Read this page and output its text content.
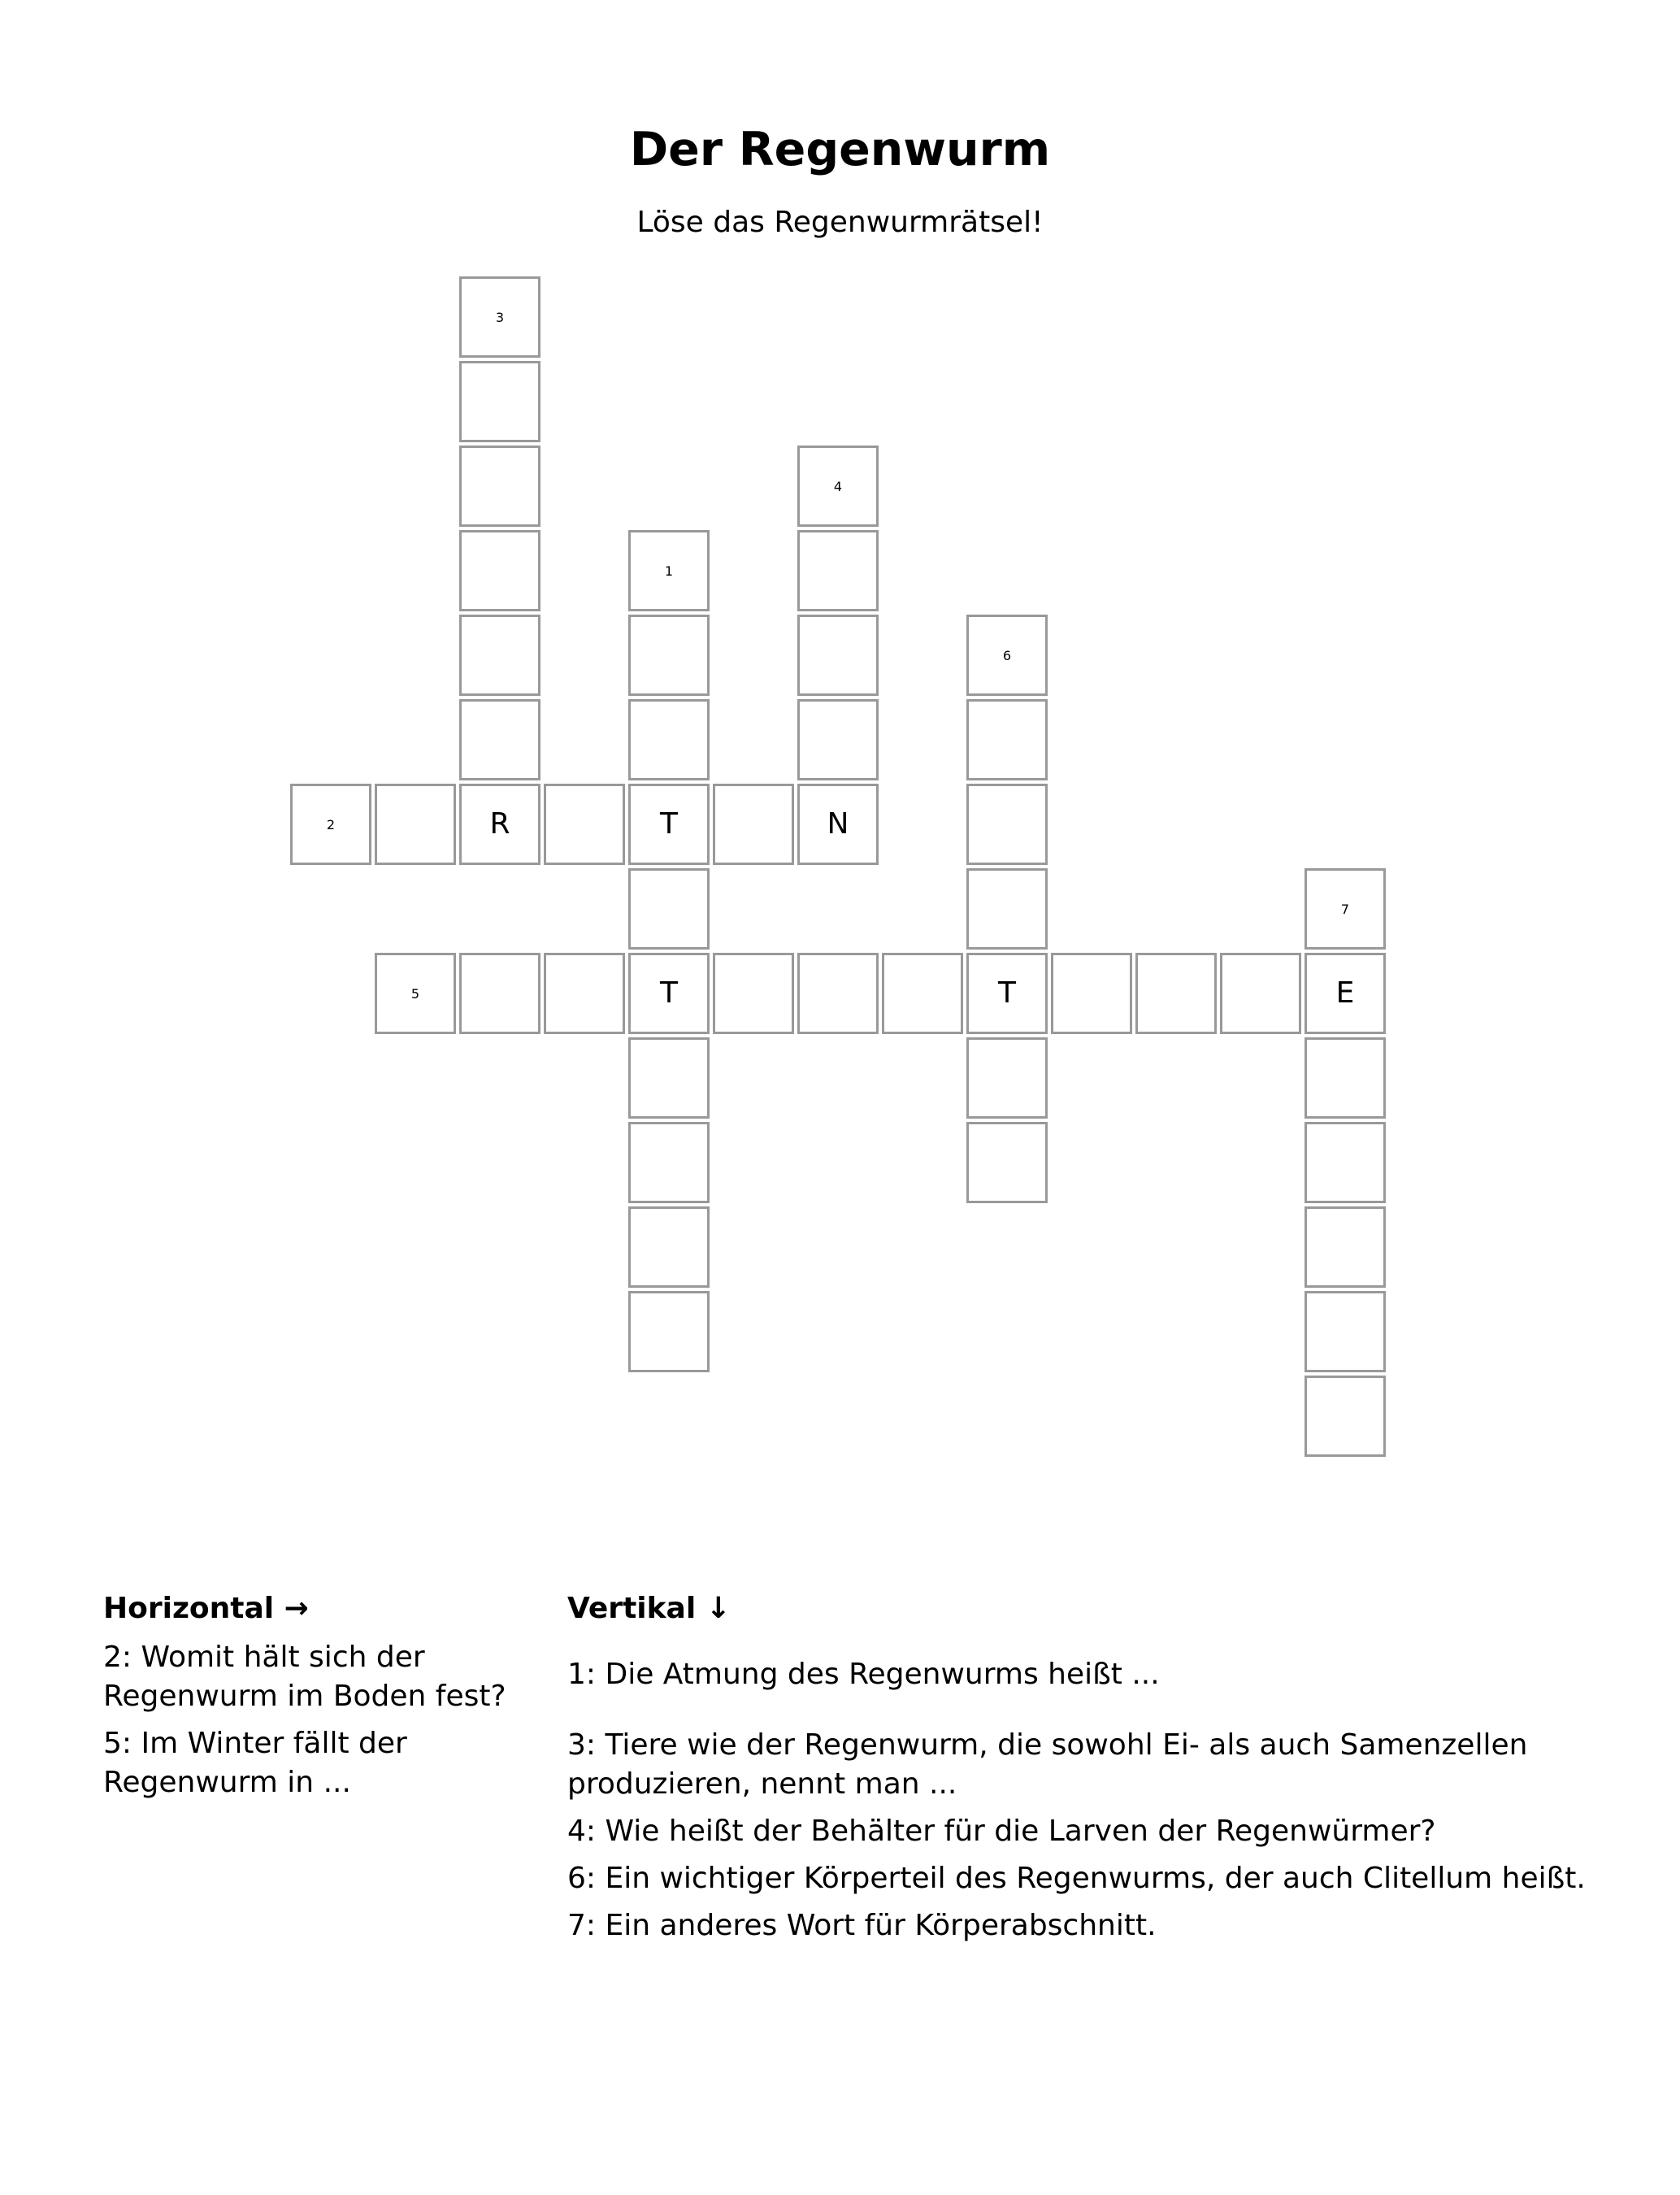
Der Regenwurm
Löse das Regenwurmrätsel!
3
R
4
N
1
T
T
6
T
2
7
E
5
Horizontal →	Vertikal ↓

2: Womit hält sich der Regenwurm im Boden fest?

5: Im Winter fällt der Regenwurm in ...

1: Die Atmung des Regenwurms heißt ...

3: Tiere wie der Regenwurm, die sowohl Ei- als auch Samenzellen produzieren, nennt man ...

4: Wie heißt der Behälter für die Larven der Regenwürmer?

6: Ein wichtiger Körperteil des Regenwurms, der auch Clitellum heißt.

7: Ein anderes Wort für Körperabschnitt.
